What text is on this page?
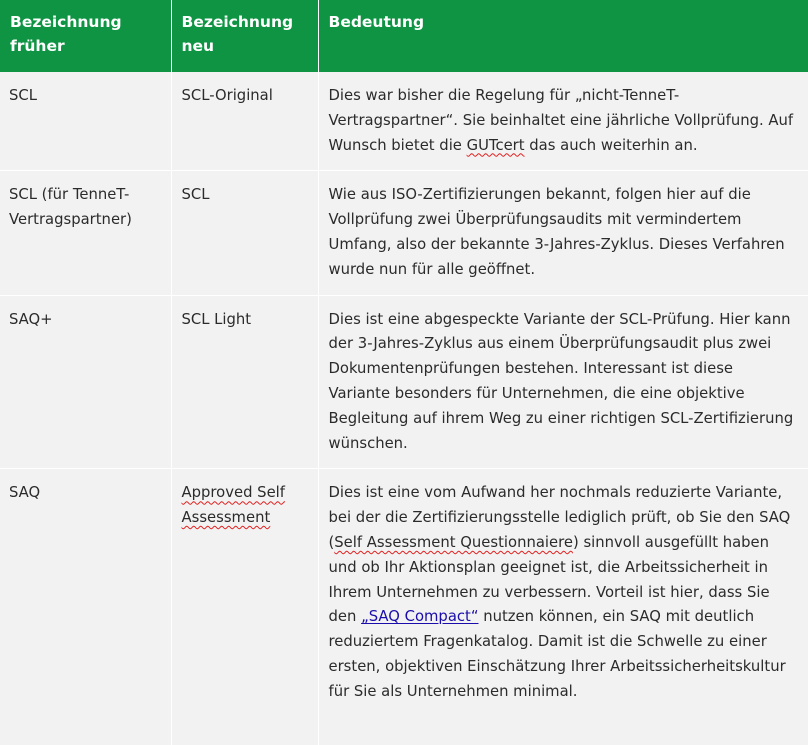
Bezeichnung früher	Bezeichnung neu	Bedeutung
SCL	SCL-Original	Dies war bisher die Regelung für „nicht-TenneT-Vertragspartner“. Sie beinhaltet eine jährliche Vollprüfung. Auf Wunsch bietet die GUTcert das auch weiterhin an.
SCL (für TenneT-Vertragspartner)	SCL	Wie aus ISO-Zertifizierungen bekannt, folgen hier auf die Vollprüfung zwei Überprüfungsaudits mit vermindertem Umfang, also der bekannte 3-Jahres-Zyklus. Dieses Verfahren wurde nun für alle geöffnet.
SAQ+	SCL Light	Dies ist eine abgespeckte Variante der SCL-Prüfung. Hier kann der 3-Jahres-Zyklus aus einem Überprüfungsaudit plus zwei Dokumentenprüfungen bestehen. Interessant ist diese Variante besonders für Unternehmen, die eine objektive Begleitung auf ihrem Weg zu einer richtigen SCL-Zertifizierung wünschen.
SAQ	Approved Self Assessment	Dies ist eine vom Aufwand her nochmals reduzierte Variante, bei der die Zertifizierungsstelle lediglich prüft, ob Sie den SAQ (Self Assessment Questionnaiere) sinnvoll ausgefüllt haben und ob Ihr Aktionsplan geeignet ist, die Arbeitssicherheit in Ihrem Unternehmen zu verbessern. Vorteil ist hier, dass Sie den „SAQ Compact“ nutzen können, ein SAQ mit deutlich reduziertem Fragenkatalog. Damit ist die Schwelle zu einer ersten, objektiven Einschätzung Ihrer Arbeitssicherheitskultur für Sie als Unternehmen minimal.
